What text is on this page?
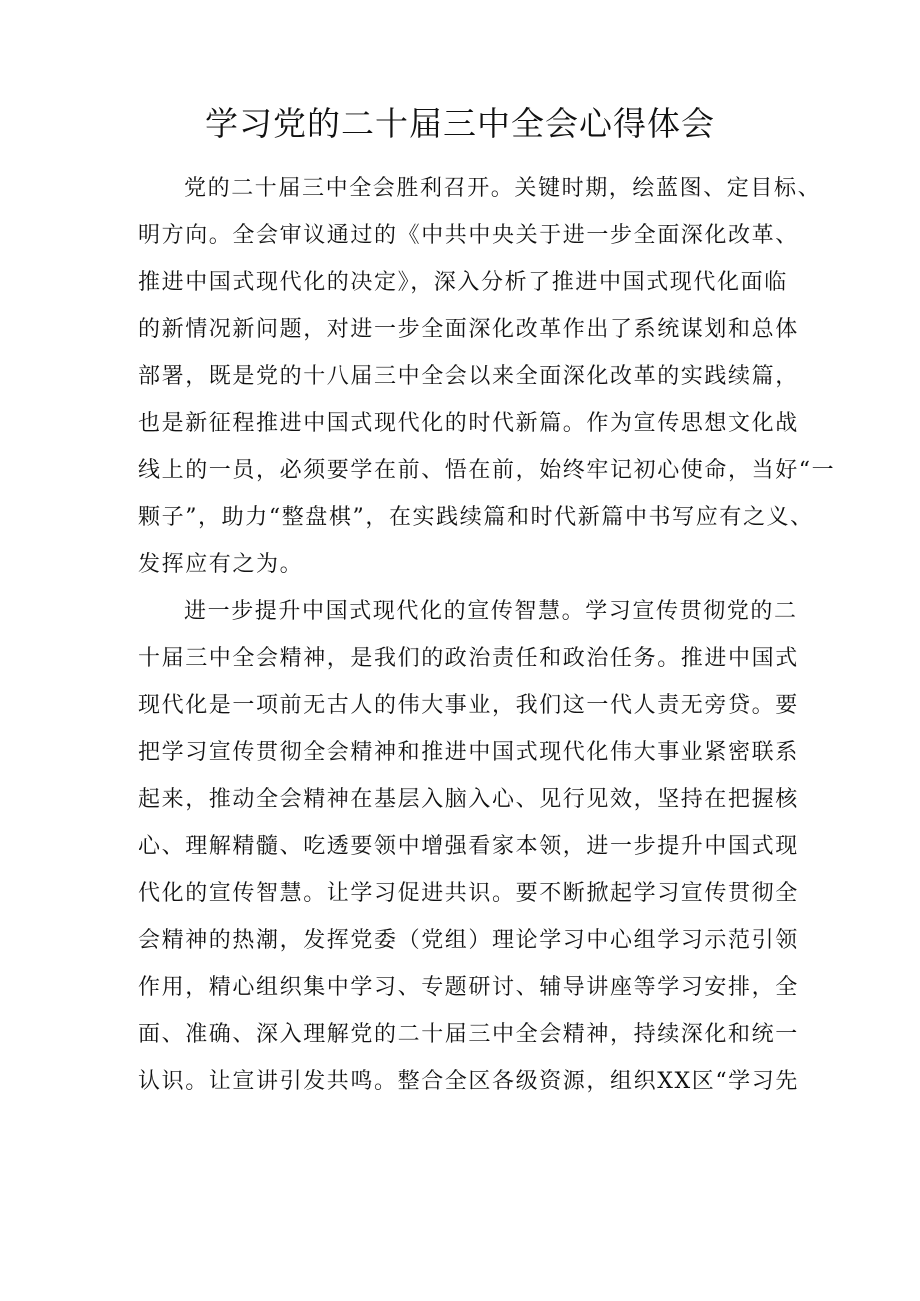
学习党的二十届三中全会心得体会
党的二十届三中全会胜利召开。关键时期，绘蓝图、定目标、
明方向。全会审议通过的《中共中央关于进一步全面深化改革、
推进中国式现代化的决定》，深入分析了推进中国式现代化面临
的新情况新问题，对进一步全面深化改革作出了系统谋划和总体
部署，既是党的十八届三中全会以来全面深化改革的实践续篇，
也是新征程推进中国式现代化的时代新篇。作为宣传思想文化战
线上的一员，必须要学在前、悟在前，始终牢记初心使命，当好“一
颗子”，助力“整盘棋”，在实践续篇和时代新篇中书写应有之义、
发挥应有之为。
进一步提升中国式现代化的宣传智慧。学习宣传贯彻党的二
十届三中全会精神，是我们的政治责任和政治任务。推进中国式
现代化是一项前无古人的伟大事业，我们这一代人责无旁贷。要
把学习宣传贯彻全会精神和推进中国式现代化伟大事业紧密联系
起来，推动全会精神在基层入脑入心、见行见效，坚持在把握核
心、理解精髓、吃透要领中增强看家本领，进一步提升中国式现
代化的宣传智慧。让学习促进共识。要不断掀起学习宣传贯彻全
会精神的热潮，发挥党委（党组）理论学习中心组学习示范引领
作用，精心组织集中学习、专题研讨、辅导讲座等学习安排，全
面、准确、深入理解党的二十届三中全会精神，持续深化和统一
认识。让宣讲引发共鸣。整合全区各级资源，组织XX区“学习先
